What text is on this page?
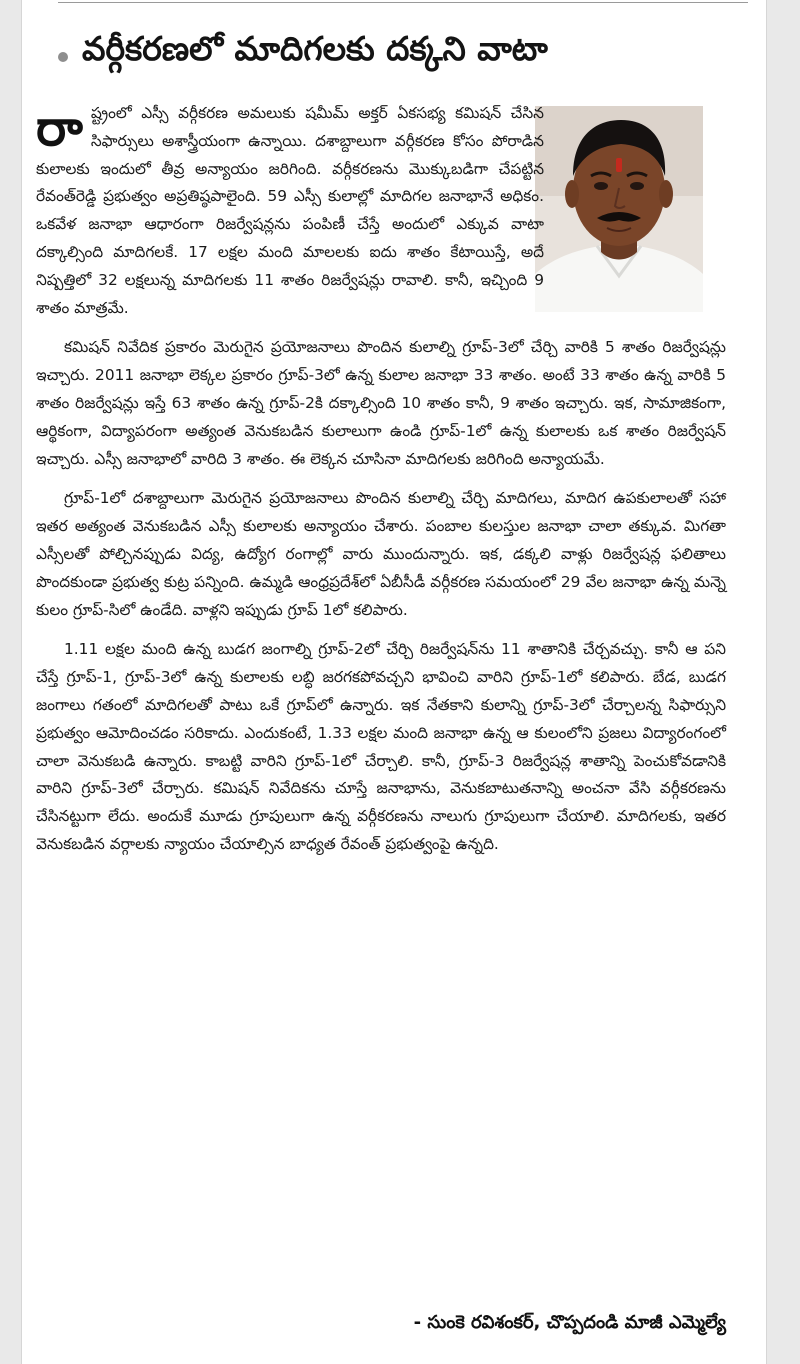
వర్గీకరణలో మాదిగలకు దక్కని వాటా

రాష్ట్రంలో ఎస్సీ వర్గీకరణ అమలుకు షమీమ్ అక్తర్ ఏకసభ్య కమిషన్ చేసిన సిఫార్సులు అశాస్త్రీయంగా ఉన్నాయి. దశాబ్దాలుగా వర్గీకరణ కోసం పోరాడిన కులాలకు ఇందులో తీవ్ర అన్యాయం జరిగింది. వర్గీకరణను మొక్కుబడిగా చేపట్టిన రేవంత్‌రెడ్డి ప్రభుత్వం అప్రతిష్ఠపాలైంది. 59 ఎస్సీ కులాల్లో మాదిగల జనాభానే అధికం. ఒకవేళ జనాభా ఆధారంగా రిజర్వేషన్లను పంపిణీ చేస్తే అందులో ఎక్కువ వాటా దక్కాల్సింది మాదిగలకే. 17 లక్షల మంది మాలలకు ఐదు శాతం కేటాయిస్తే, అదే నిష్పత్తిలో 32 లక్షలున్న మాదిగలకు 11 శాతం రిజర్వేషన్లు రావాలి. కానీ, ఇచ్చింది 9 శాతం మాత్రమే.

కమిషన్ నివేదిక ప్రకారం మెరుగైన ప్రయోజనాలు పొందిన కులాల్ని గ్రూప్-3లో చేర్చి వారికి 5 శాతం రిజర్వేషన్లు ఇచ్చారు. 2011 జనాభా లెక్కల ప్రకారం గ్రూప్-3లో ఉన్న కులాల జనాభా 33 శాతం. అంటే 33 శాతం ఉన్న వారికి 5 శాతం రిజర్వేషన్లు ఇస్తే 63 శాతం ఉన్న గ్రూప్-2కి దక్కాల్సింది 10 శాతం కానీ, 9 శాతం ఇచ్చారు. ఇక, సామాజికంగా, ఆర్థికంగా, విద్యాపరంగా అత్యంత వెనుకబడిన కులాలుగా ఉండి గ్రూప్-1లో ఉన్న కులాలకు ఒక శాతం రిజర్వేషన్ ఇచ్చారు. ఎస్సీ జనాభాలో వారిది 3 శాతం. ఈ లెక్కన చూసినా మాదిగలకు జరిగింది అన్యాయమే.

గ్రూప్-1లో దశాబ్దాలుగా మెరుగైన ప్రయోజనాలు పొందిన కులాల్ని చేర్చి మాదిగలు, మాదిగ ఉపకులాలతో సహా ఇతర అత్యంత వెనుకబడిన ఎస్సీ కులాలకు అన్యాయం చేశారు. పంబాల కులస్తుల జనాభా చాలా తక్కువ. మిగతా ఎస్సీలతో పోల్చినప్పుడు విద్య, ఉద్యోగ రంగాల్లో వారు ముందున్నారు. ఇక, డక్కలి వాళ్లు రిజర్వేషన్ల ఫలితాలు పొందకుండా ప్రభుత్వ కుట్ర పన్నింది. ఉమ్మడి ఆంధ్రప్రదేశ్‌లో ఏబీసీడీ వర్గీకరణ సమయంలో 29 వేల జనాభా ఉన్న మన్నె కులం గ్రూప్-సిలో ఉండేది. వాళ్లని ఇప్పుడు గ్రూప్ 1లో కలిపారు.

1.11 లక్షల మంది ఉన్న బుడగ జంగాల్ని గ్రూప్-2లో చేర్చి రిజర్వేషన్‌ను 11 శాతానికి చేర్చవచ్చు. కానీ ఆ పని చేస్తే గ్రూప్-1, గ్రూప్-3లో ఉన్న కులాలకు లబ్ధి జరగకపోవచ్చని భావించి వారిని గ్రూప్-1లో కలిపారు. బేడ, బుడగ జంగాలు గతంలో మాదిగలతో పాటు ఒకే గ్రూప్‌లో ఉన్నారు. ఇక నేతకాని కులాన్ని గ్రూప్-3లో చేర్చాలన్న సిఫార్సుని ప్రభుత్వం ఆమోదించడం సరికాదు. ఎందుకంటే, 1.33 లక్షల మంది జనాభా ఉన్న ఆ కులంలోని ప్రజలు విద్యారంగంలో చాలా వెనుకబడి ఉన్నారు. కాబట్టి వారిని గ్రూప్-1లో చేర్చాలి. కానీ, గ్రూప్-3 రిజర్వేషన్ల శాతాన్ని పెంచుకోవడానికి వారిని గ్రూప్-3లో చేర్చారు. కమిషన్ నివేదికను చూస్తే జనాభాను, వెనుకబాటుతనాన్ని అంచనా వేసి వర్గీకరణను చేసినట్టుగా లేదు. అందుకే మూడు గ్రూపులుగా ఉన్న వర్గీకరణను నాలుగు గ్రూపులుగా చేయాలి. మాదిగలకు, ఇతర వెనుకబడిన వర్గాలకు న్యాయం చేయాల్సిన బాధ్యత రేవంత్ ప్రభుత్వంపై ఉన్నది.

- సుంకె రవిశంకర్, చొప్పదండి మాజీ ఎమ్మెల్యే
